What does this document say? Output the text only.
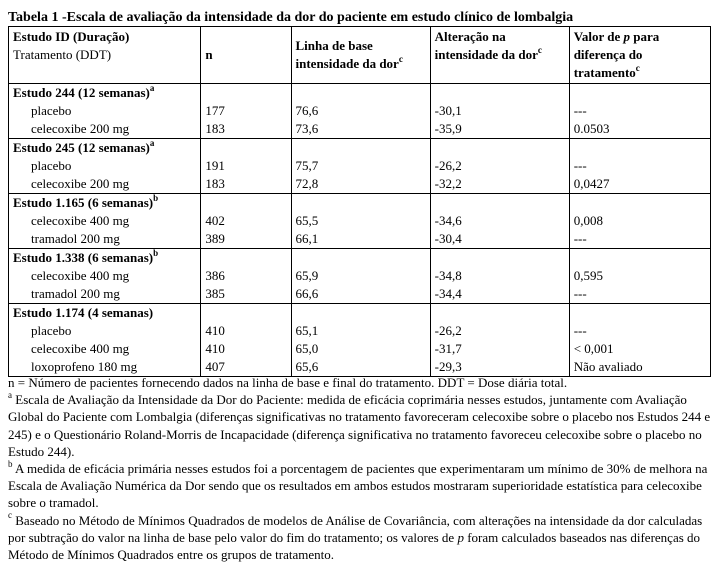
Tabela 1 -Escala de avaliação da intensidade da dor do paciente em estudo clínico de lombalgia
Estudo ID (Duração)
Tratamento (DDT)	n	Linha de base intensidade da dor$^c$	Alteração na intensidade da dor$^c$	Valor de p para diferença do tratamento$^c$
Estudo 244 (12 semanas)$^a$				
placebo	177	76,6	-30,1	---
celecoxibe 200 mg	183	73,6	-35,9	0.0503
Estudo 245 (12 semanas)$^a$				
placebo	191	75,7	-26,2	---
celecoxibe 200 mg	183	72,8	-32,2	0,0427
Estudo 1.165 (6 semanas)$^b$				
celecoxibe 400 mg	402	65,5	-34,6	0,008
tramadol 200 mg	389	66,1	-30,4	---
Estudo 1.338 (6 semanas)$^b$				
celecoxibe 400 mg	386	65,9	-34,8	0,595
tramadol 200 mg	385	66,6	-34,4	---
Estudo 1.174 (4 semanas)				
placebo	410	65,1	-26,2	---
celecoxibe 400 mg	410	65,0	-31,7	< 0,001
loxoprofeno 180 mg	407	65,6	-29,3	Não avaliado

n = Número de pacientes fornecendo dados na linha de base e final do tratamento. DDT = Dose diária total.

$^a$ Escala de Avaliação da Intensidade da Dor do Paciente: medida de eficácia coprimária nesses estudos, juntamente com Avaliação Global do Paciente com Lombalgia (diferenças significativas no tratamento favoreceram celecoxibe sobre o placebo nos Estudos 244 e 245) e o Questionário Roland-Morris de Incapacidade (diferença significativa no tratamento favoreceu celecoxibe sobre o placebo no Estudo 244).

$^b$ A medida de eficácia primária nesses estudos foi a porcentagem de pacientes que experimentaram um mínimo de 30% de melhora na Escala de Avaliação Numérica da Dor sendo que os resultados em ambos estudos mostraram superioridade estatística para celecoxibe sobre o tramadol.

$^c$ Baseado no Método de Mínimos Quadrados de modelos de Análise de Covariância, com alterações na intensidade da dor calculadas por subtração do valor na linha de base pelo valor do fim do tratamento; os valores de p foram calculados baseados nas diferenças do Método de Mínimos Quadrados entre os grupos de tratamento.
